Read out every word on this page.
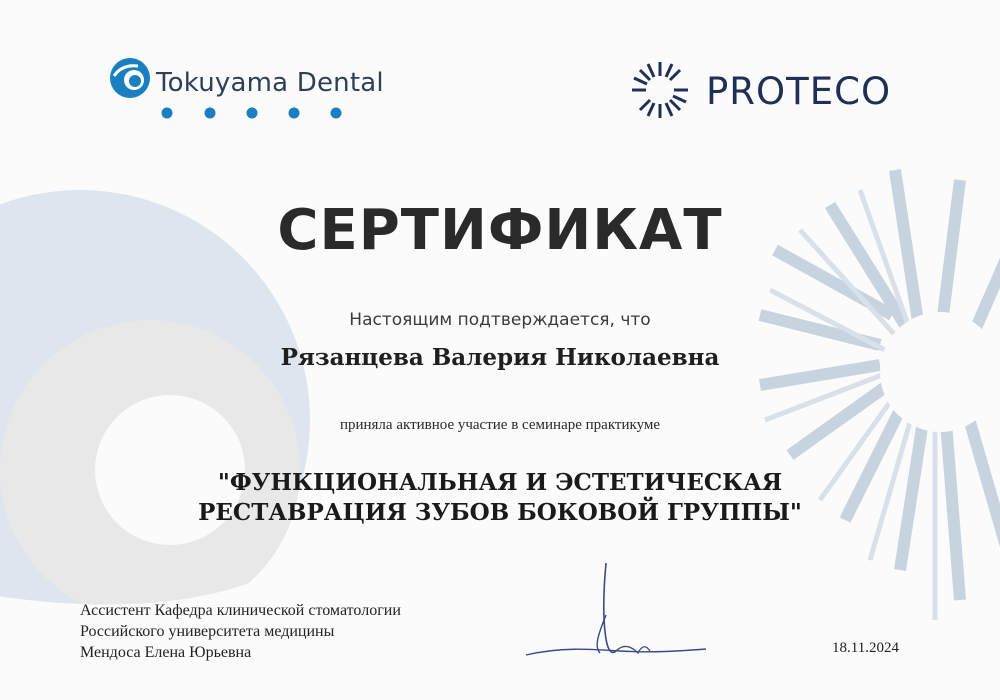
Tokuyama Dental	PROTECO
СЕРТИФИКАТ
Настоящим подтверждается, что
Рязанцева Валерия Николаевна
приняла активное участие в семинаре практикуме
"ФУНКЦИОНАЛЬНАЯ И ЭСТЕТИЧЕСКАЯ
РЕСТАВРАЦИЯ ЗУБОВ БОКОВОЙ ГРУППЫ"
Ассистент Кафедра клинической стоматологии
Российского университета медицины
Мендоса Елена Юрьевна	18.11.2024
